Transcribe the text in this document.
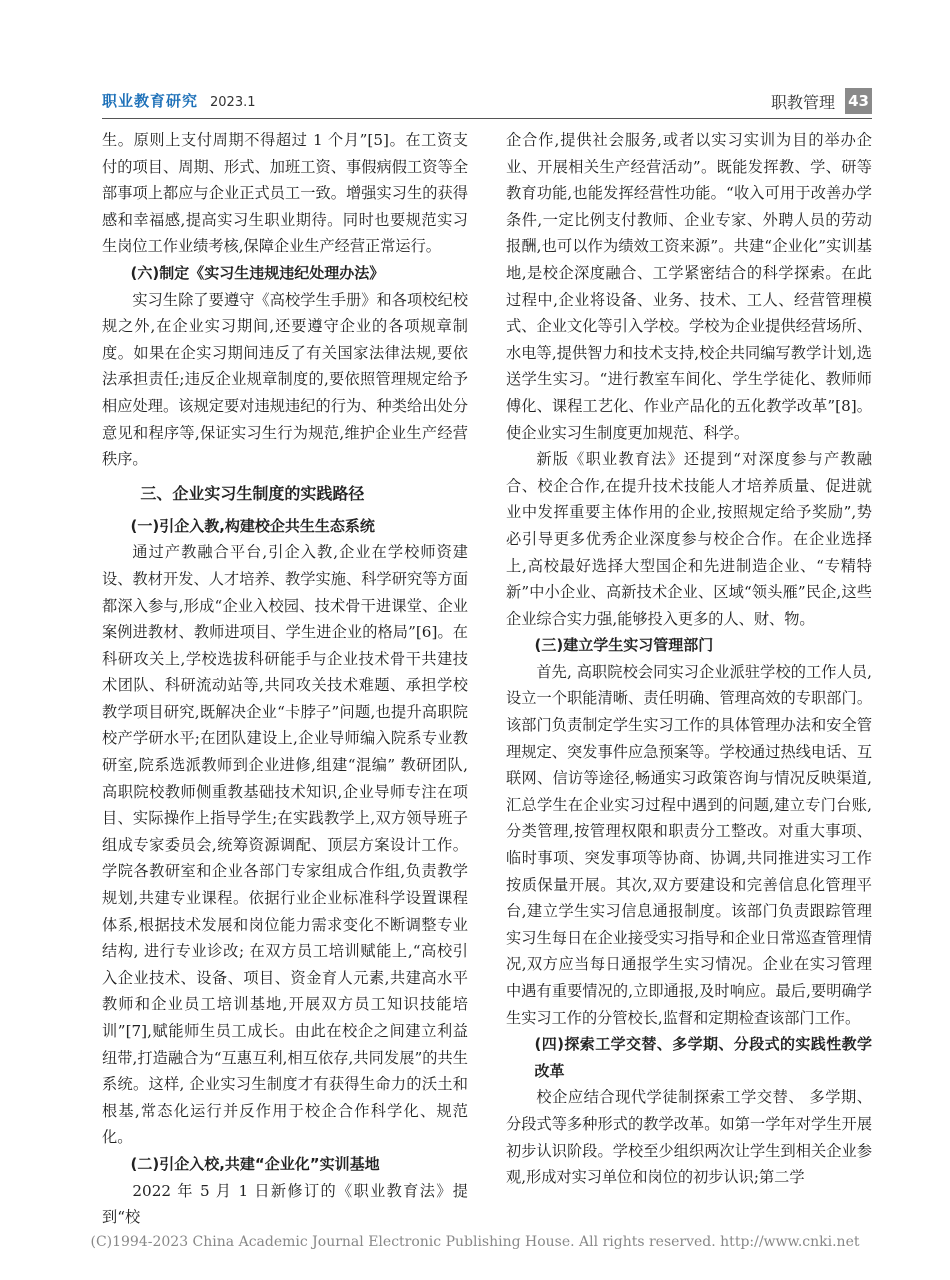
职业教育研究 2023.1	职教管理 43

生。原则上支付周期不得超过 1 个月”[5]。在工资支付的项目、周期、形式、加班工资、事假病假工资等全部事项上都应与企业正式员工一致。增强实习生的获得感和幸福感,提高实习生职业期待。同时也要规范实习生岗位工作业绩考核,保障企业生产经营正常运行。

(六)制定《实习生违规违纪处理办法》

实习生除了要遵守《高校学生手册》和各项校纪校规之外,在企业实习期间,还要遵守企业的各项规章制度。如果在企实习期间违反了有关国家法律法规,要依法承担责任;违反企业规章制度的,要依照管理规定给予相应处理。该规定要对违规违纪的行为、种类给出处分意见和程序等,保证实习生行为规范,维护企业生产经营秩序。

三、企业实习生制度的实践路径
(一)引企入教,构建校企共生生态系统

通过产教融合平台,引企入教,企业在学校师资建设、教材开发、人才培养、教学实施、科学研究等方面都深入参与,形成“企业入校园、技术骨干进课堂、企业案例进教材、教师进项目、学生进企业的格局”[6]。在科研攻关上,学校选拔科研能手与企业技术骨干共建技术团队、科研流动站等,共同攻关技术难题、承担学校教学项目研究,既解决企业“卡脖子”问题,也提升高职院校产学研水平;在团队建设上,企业导师编入院系专业教研室,院系选派教师到企业进修,组建“混编” 教研团队, 高职院校教师侧重教基础技术知识,企业导师专注在项目、实际操作上指导学生;在实践教学上,双方领导班子组成专家委员会,统筹资源调配、顶层方案设计工作。学院各教研室和企业各部门专家组成合作组,负责教学规划,共建专业课程。依据行业企业标准科学设置课程体系,根据技术发展和岗位能力需求变化不断调整专业结构, 进行专业诊改; 在双方员工培训赋能上,“高校引入企业技术、设备、项目、资金育人元素,共建高水平教师和企业员工培训基地,开展双方员工知识技能培训”[7],赋能师生员工成长。由此在校企之间建立利益纽带,打造融合为“互惠互利,相互依存,共同发展”的共生系统。这样, 企业实习生制度才有获得生命力的沃土和根基,常态化运行并反作用于校企合作科学化、规范化。

(二)引企入校,共建“企业化”实训基地

2022 年 5 月 1 日新修订的《职业教育法》提到“校

企合作,提供社会服务,或者以实习实训为目的举办企业、开展相关生产经营活动”。既能发挥教、学、研等教育功能,也能发挥经营性功能。“收入可用于改善办学条件,一定比例支付教师、企业专家、外聘人员的劳动报酬,也可以作为绩效工资来源”。共建“企业化”实训基地,是校企深度融合、工学紧密结合的科学探索。在此过程中,企业将设备、业务、技术、工人、经营管理模式、企业文化等引入学校。学校为企业提供经营场所、水电等,提供智力和技术支持,校企共同编写教学计划,选送学生实习。“进行教室车间化、学生学徒化、教师师傅化、课程工艺化、作业产品化的五化教学改革”[8]。使企业实习生制度更加规范、科学。

新版《职业教育法》还提到“对深度参与产教融合、校企合作,在提升技术技能人才培养质量、促进就业中发挥重要主体作用的企业,按照规定给予奖励”,势必引导更多优秀企业深度参与校企合作。在企业选择上,高校最好选择大型国企和先进制造企业、“专精特新”中小企业、高新技术企业、区域“领头雁”民企,这些企业综合实力强,能够投入更多的人、财、物。

(三)建立学生实习管理部门

首先, 高职院校会同实习企业派驻学校的工作人员,设立一个职能清晰、责任明确、管理高效的专职部门。该部门负责制定学生实习工作的具体管理办法和安全管理规定、突发事件应急预案等。学校通过热线电话、互联网、信访等途径,畅通实习政策咨询与情况反映渠道,汇总学生在企业实习过程中遇到的问题,建立专门台账,分类管理,按管理权限和职责分工整改。对重大事项、临时事项、突发事项等协商、协调,共同推进实习工作按质保量开展。其次,双方要建设和完善信息化管理平台,建立学生实习信息通报制度。该部门负责跟踪管理实习生每日在企业接受实习指导和企业日常巡查管理情况,双方应当每日通报学生实习情况。企业在实习管理中遇有重要情况的,立即通报,及时响应。最后,要明确学生实习工作的分管校长,监督和定期检查该部门工作。

(四)探索工学交替、多学期、分段式的实践性教学改革

校企应结合现代学徒制探索工学交替、 多学期、分段式等多种形式的教学改革。如第一学年对学生开展初步认识阶段。学校至少组织两次让学生到相关企业参观,形成对实习单位和岗位的初步认识;第二学

(C)1994-2023 China Academic Journal Electronic Publishing House. All rights reserved. http://www.cnki.net
